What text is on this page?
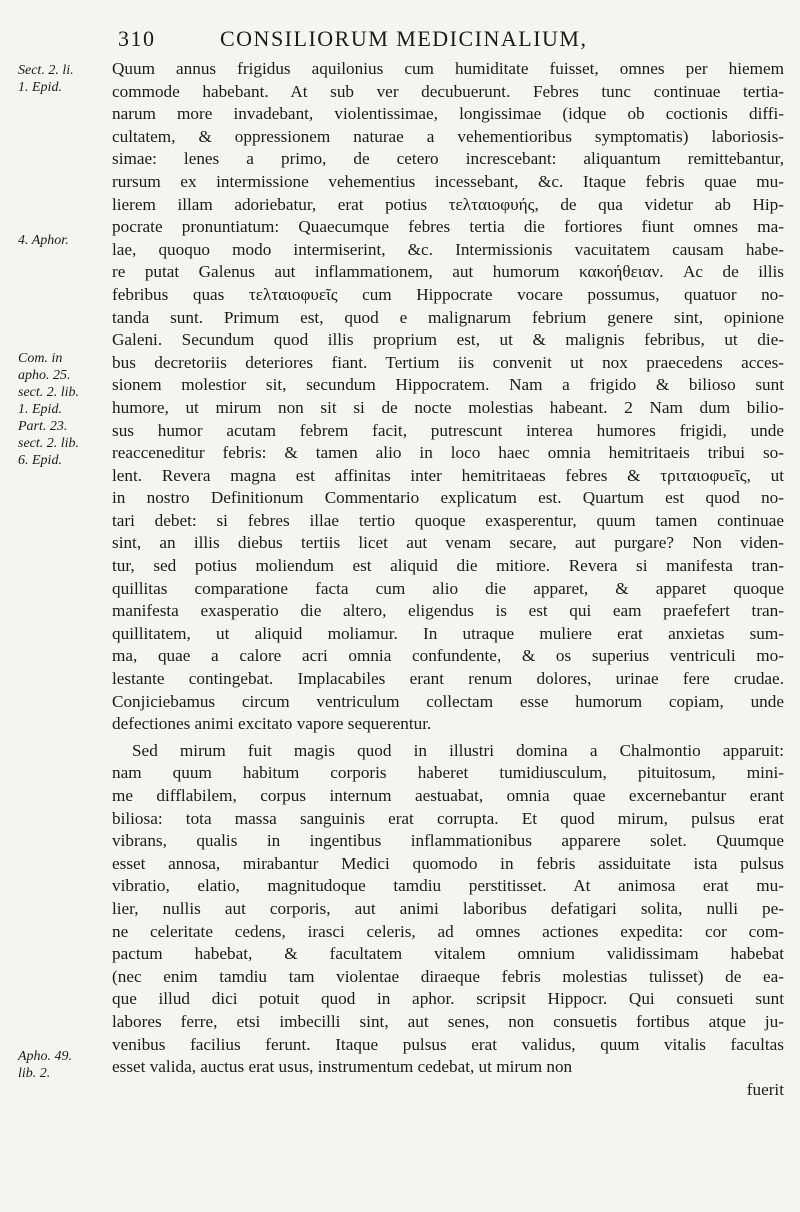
310	CONSILIORUM MEDICINALIUM,
Sect. 2. li.
1. Epid.
4. Aphor.
Com. in
apho. 25.
sect. 2. lib.
1. Epid.
Part. 23.
sect. 2. lib.
6. Epid.
Apho. 49.
lib. 2.
Quum annus frigidus aquilonius cum humiditate fuisset, omnes per hiemem
commode habebant. At sub ver decubuerunt. Febres tunc continuae tertia-
narum more invadebant, violentissimae, longissimae (idque ob coctionis diffi-
cultatem, & oppressionem naturae a vehementioribus symptomatis) laboriosis-
simae: lenes a primo, de cetero increscebant: aliquantum remittebantur,
rursum ex intermissione vehementius incessebant, &c. Itaque febris quae mu-
lierem illam adoriebatur, erat potius τελταιοφυής, de qua videtur ab Hip-
pocrate pronuntiatum: Quaecumque febres tertia die fortiores fiunt omnes ma-
lae, quoquo modo intermiserint, &c. Intermissionis vacuitatem causam habe-
re putat Galenus aut inflammationem, aut humorum κακοήθειαν. Ac de illis
febribus quas τελταιοφυεῖς cum Hippocrate vocare possumus, quatuor no-
tanda sunt. Primum est, quod e malignarum febrium genere sint, opinione
Galeni. Secundum quod illis proprium est, ut & malignis febribus, ut die-
bus decretoriis deteriores fiant. Tertium iis convenit ut nox praecedens acces-
sionem molestior sit, secundum Hippocratem. Nam a frigido & bilioso sunt
humore, ut mirum non sit si de nocte molestias habeant. 2 Nam dum bilio-
sus humor acutam febrem facit, putrescunt interea humores frigidi, unde
reacceneditur febris: & tamen alio in loco haec omnia hemitritaeis tribui so-
lent. Revera magna est affinitas inter hemitritaeas febres & τριταιοφυεῖς, ut
in nostro Definitionum Commentario explicatum est. Quartum est quod no-
tari debet: si febres illae tertio quoque exasperentur, quum tamen continuae
sint, an illis diebus tertiis licet aut venam secare, aut purgare? Non viden-
tur, sed potius moliendum est aliquid die mitiore. Revera si manifesta tran-
quillitas comparatione facta cum alio die apparet, & apparet quoque
manifesta exasperatio die altero, eligendus is est qui eam praefefert tran-
quillitatem, ut aliquid moliamur. In utraque muliere erat anxietas sum-
ma, quae a calore acri omnia confundente, & os superius ventriculi mo-
lestante contingebat. Implacabiles erant renum dolores, urinae fere crudae.
Conjiciebamus circum ventriculum collectam esse humorum copiam, unde
defectiones animi excitato vapore sequerentur.
Sed mirum fuit magis quod in illustri domina a Chalmontio apparuit:
nam quum habitum corporis haberet tumidiusculum, pituitosum, mini-
me difflabilem, corpus internum aestuabat, omnia quae excernebantur erant
biliosa: tota massa sanguinis erat corrupta. Et quod mirum, pulsus erat
vibrans, qualis in ingentibus inflammationibus apparere solet. Quumque
esset annosa, mirabantur Medici quomodo in febris assiduitate ista pulsus
vibratio, elatio, magnitudoque tamdiu perstitisset. At animosa erat mu-
lier, nullis aut corporis, aut animi laboribus defatigari solita, nulli pe-
ne celeritate cedens, irasci celeris, ad omnes actiones expedita: cor com-
pactum habebat, & facultatem vitalem omnium validissimam habebat
(nec enim tamdiu tam violentae diraeque febris molestias tulisset) de ea-
que illud dici potuit quod in aphor. scripsit Hippocr. Qui consueti sunt
labores ferre, etsi imbecilli sint, aut senes, non consuetis fortibus atque ju-
venibus facilius ferunt. Itaque pulsus erat validus, quum vitalis facultas
esset valida, auctus erat usus, instrumentum cedebat, ut mirum non
fuerit
